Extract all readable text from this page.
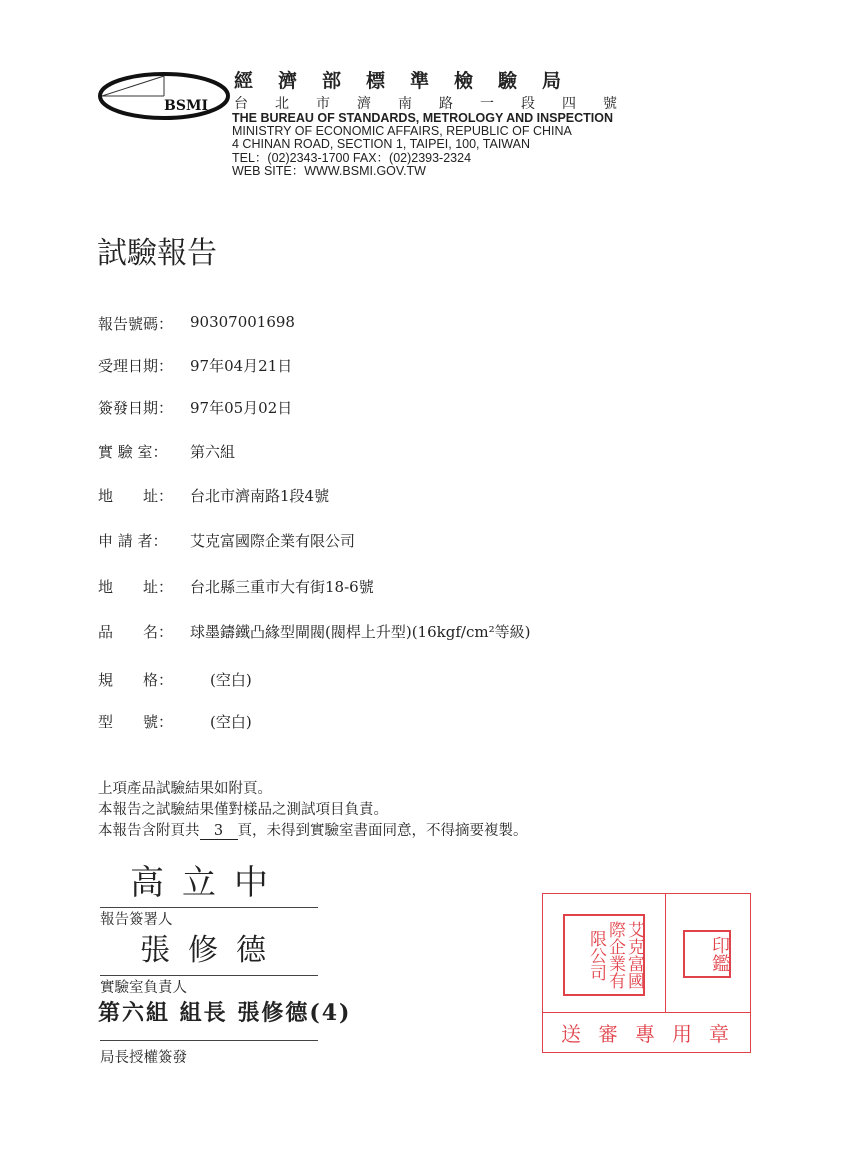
BSMI
經濟部標準檢驗局
台北市濟南路一段四號
THE BUREAU OF STANDARDS, METROLOGY AND INSPECTION
MINISTRY OF ECONOMIC AFFAIRS, REPUBLIC OF CHINA
4 CHINAN ROAD, SECTION 1, TAIPEI, 100, TAIWAN
TEL：(02)2343-1700 FAX：(02)2393-2324
WEB SITE：WWW.BSMI.GOV.TW
試驗報告
報告號碼： 90307001698
受理日期： 97年04月21日
簽發日期： 97年05月02日
實 驗 室： 第六組
地　　址： 台北市濟南路1段4號
申 請 者： 艾克富國際企業有限公司
地　　址： 台北縣三重市大有街18-6號
品　　名： 球墨鑄鐵凸緣型閘閥(閥桿上升型)(16kgf/cm²等級)
規　　格： (空白)
型　　號： (空白)
上項產品試驗結果如附頁。
本報告之試驗結果僅對樣品之測試項目負責。
本報告含附頁共 3 頁，未得到實驗室書面同意，不得摘要複製。
高立中
報告簽署人
張修德
實驗室負責人
第六組 組長 張修德(4)
局長授權簽發
艾克富國際企業有限公司	印鑑
送審專用章
